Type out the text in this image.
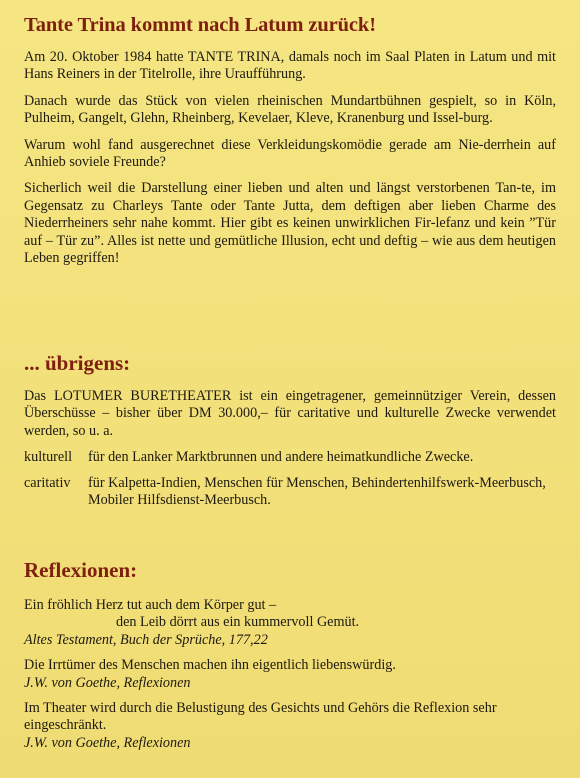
Tante Trina kommt nach Latum zurück!

Am 20. Oktober 1984 hatte TANTE TRINA, damals noch im Saal Platen in Latum und mit Hans Reiners in der Titelrolle, ihre Uraufführung.

Danach wurde das Stück von vielen rheinischen Mundartbühnen gespielt, so in Köln, Pulheim, Gangelt, Glehn, Rheinberg, Kevelaer, Kleve, Kranenburg und Issel-burg.

Warum wohl fand ausgerechnet diese Verkleidungskomödie gerade am Nie-derrhein auf Anhieb soviele Freunde?

Sicherlich weil die Darstellung einer lieben und alten und längst verstorbenen Tan-te, im Gegensatz zu Charleys Tante oder Tante Jutta, dem deftigen aber lieben Charme des Niederrheiners sehr nahe kommt. Hier gibt es keinen unwirklichen Fir-lefanz und kein ”Tür auf – Tür zu”. Alles ist nette und gemütliche Illusion, echt und deftig – wie aus dem heutigen Leben gegriffen!

... übrigens:

Das LOTUMER BURETHEATER ist ein eingetragener, gemeinnütziger Verein, dessen Überschüsse – bisher über DM 30.000,– für caritative und kulturelle Zwecke verwendet werden, so u. a.

kulturell	für den Lanker Marktbrunnen und andere heimatkundliche Zwecke.
caritativ	für Kalpetta-Indien, Menschen für Menschen, Behindertenhilfswerk-Meerbusch, Mobiler Hilfsdienst-Meerbusch.
Reflexionen:
Ein fröhlich Herz tut auch dem Körper gut –
den Leib dörrt aus ein kummervoll Gemüt.
Altes Testament, Buch der Sprüche, 177,22
Die Irrtümer des Menschen machen ihn eigentlich liebenswürdig.
J.W. von Goethe, Reflexionen
Im Theater wird durch die Belustigung des Gesichts und Gehörs die Reflexion sehr eingeschränkt.
J.W. von Goethe, Reflexionen
